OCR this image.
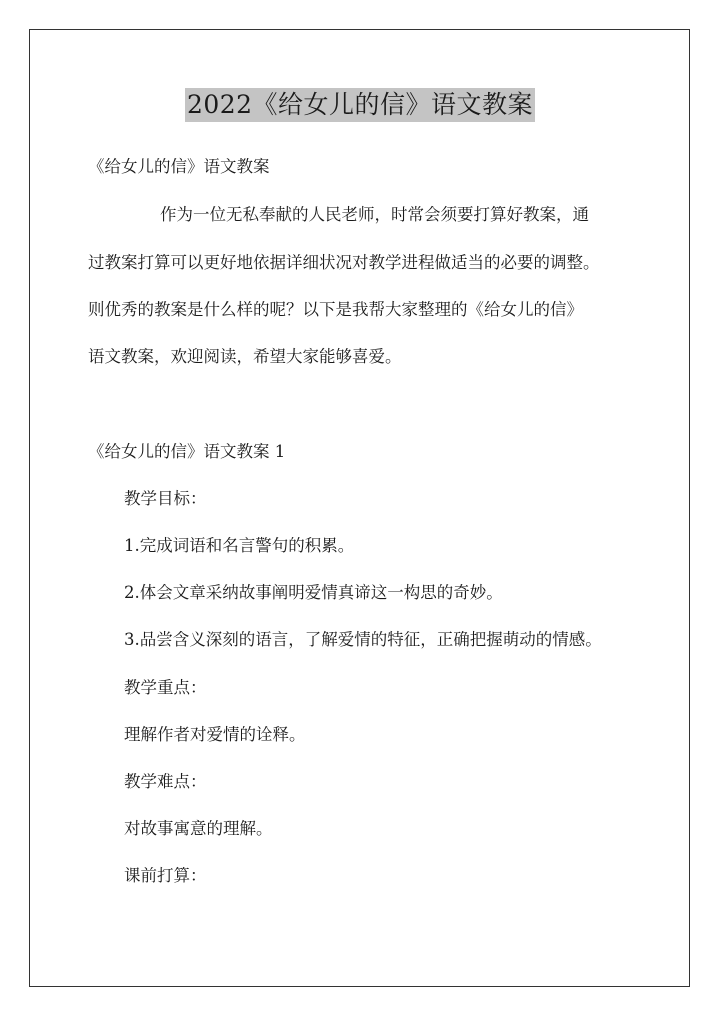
2022《给女儿的信》语文教案
《给女儿的信》语文教案
作为一位无私奉献的人民老师，时常会须要打算好教案，通
过教案打算可以更好地依据详细状况对教学进程做适当的必要的调整。
则优秀的教案是什么样的呢？以下是我帮大家整理的《给女儿的信》
语文教案，欢迎阅读，希望大家能够喜爱。
《给女儿的信》语文教案 1
教学目标：
1.完成词语和名言警句的积累。
2.体会文章采纳故事阐明爱情真谛这一构思的奇妙。
3.品尝含义深刻的语言，了解爱情的特征，正确把握萌动的情感。
教学重点：
理解作者对爱情的诠释。
教学难点：
对故事寓意的理解。
课前打算：
